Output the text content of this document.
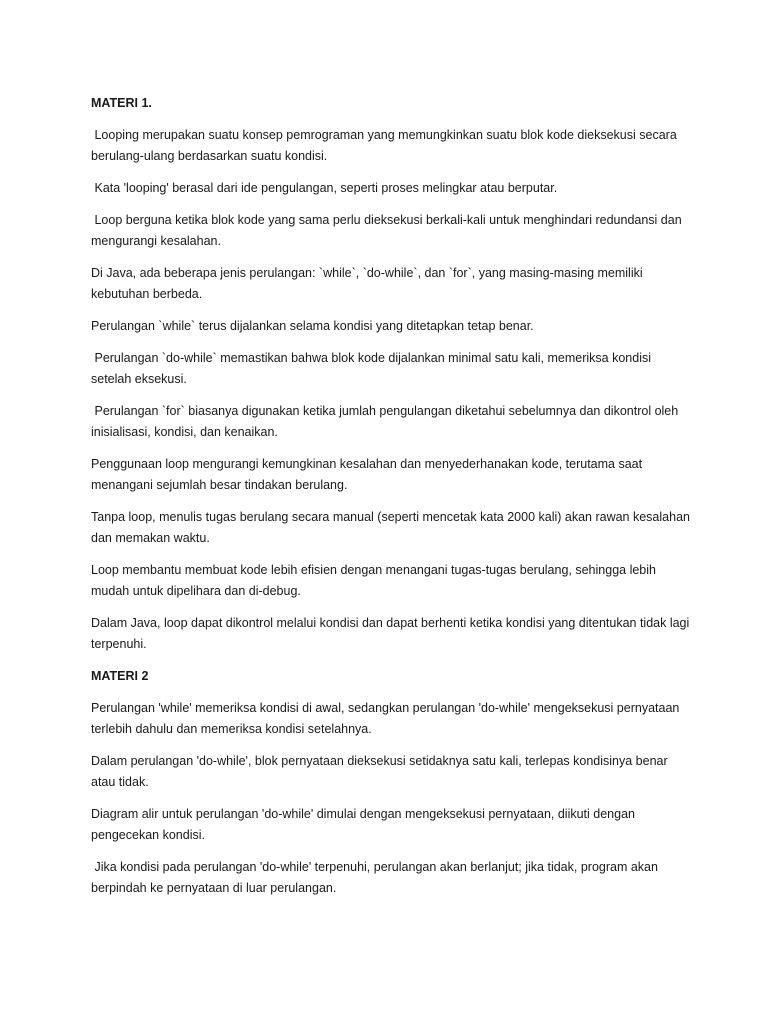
MATERI 1.

Looping merupakan suatu konsep pemrograman yang memungkinkan suatu blok kode dieksekusi secara berulang-ulang berdasarkan suatu kondisi.

Kata 'looping' berasal dari ide pengulangan, seperti proses melingkar atau berputar.

Loop berguna ketika blok kode yang sama perlu dieksekusi berkali-kali untuk menghindari redundansi dan mengurangi kesalahan.

Di Java, ada beberapa jenis perulangan: `while`, `do-while`, dan `for`, yang masing-masing memiliki kebutuhan berbeda.

Perulangan `while` terus dijalankan selama kondisi yang ditetapkan tetap benar.

Perulangan `do-while` memastikan bahwa blok kode dijalankan minimal satu kali, memeriksa kondisi setelah eksekusi.

Perulangan `for` biasanya digunakan ketika jumlah pengulangan diketahui sebelumnya dan dikontrol oleh inisialisasi, kondisi, dan kenaikan.

Penggunaan loop mengurangi kemungkinan kesalahan dan menyederhanakan kode, terutama saat menangani sejumlah besar tindakan berulang.

Tanpa loop, menulis tugas berulang secara manual (seperti mencetak kata 2000 kali) akan rawan kesalahan dan memakan waktu.

Loop membantu membuat kode lebih efisien dengan menangani tugas-tugas berulang, sehingga lebih mudah untuk dipelihara dan di-debug.

Dalam Java, loop dapat dikontrol melalui kondisi dan dapat berhenti ketika kondisi yang ditentukan tidak lagi terpenuhi.

MATERI 2

Perulangan 'while' memeriksa kondisi di awal, sedangkan perulangan 'do-while' mengeksekusi pernyataan terlebih dahulu dan memeriksa kondisi setelahnya.

Dalam perulangan 'do-while', blok pernyataan dieksekusi setidaknya satu kali, terlepas kondisinya benar atau tidak.

Diagram alir untuk perulangan 'do-while' dimulai dengan mengeksekusi pernyataan, diikuti dengan pengecekan kondisi.

Jika kondisi pada perulangan 'do-while' terpenuhi, perulangan akan berlanjut; jika tidak, program akan berpindah ke pernyataan di luar perulangan.
